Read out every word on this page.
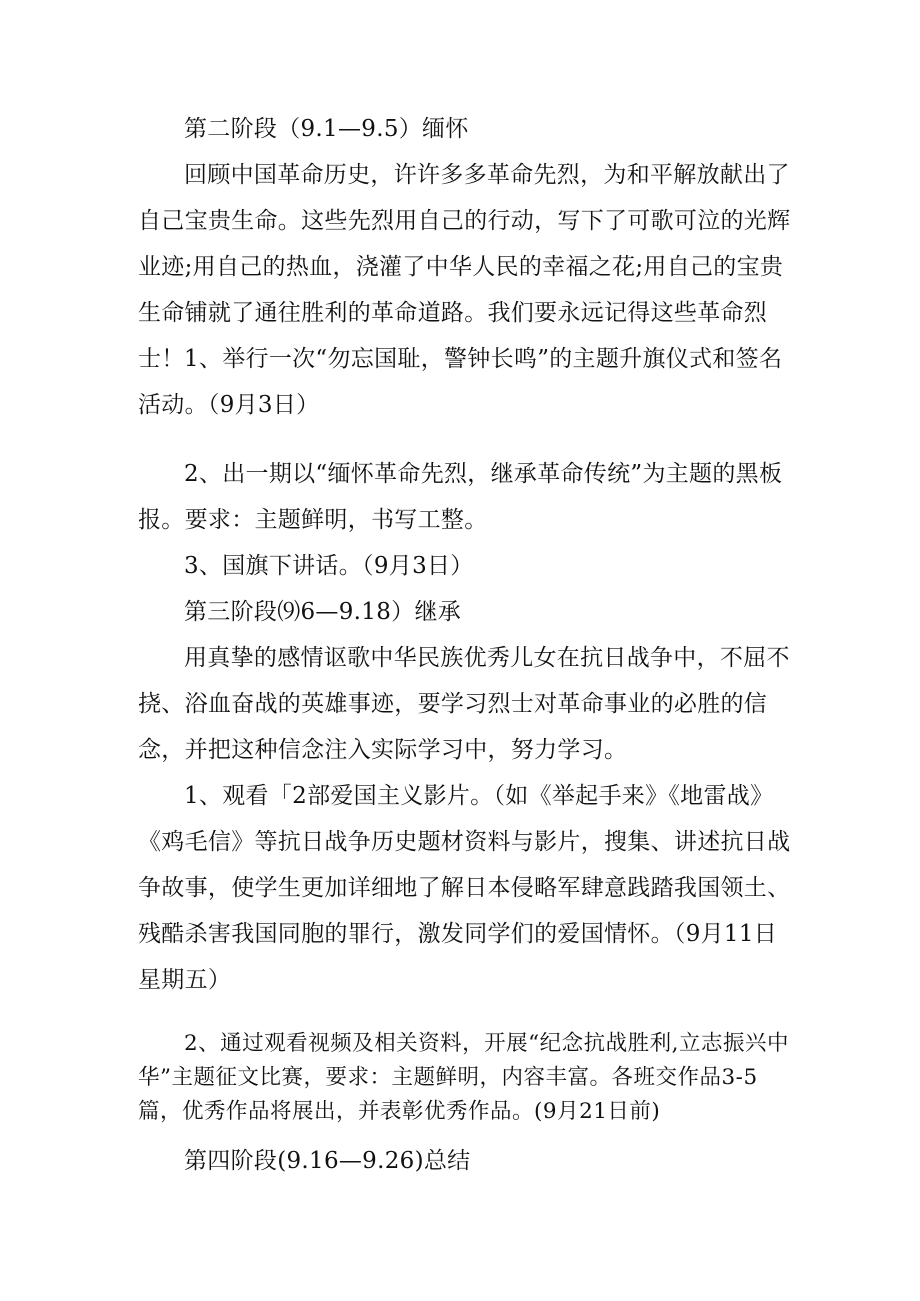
第二阶段（9.1—9.5）缅怀

回顾中国革命历史，许许多多革命先烈，为和平解放献出了自己宝贵生命。这些先烈用自己的行动，写下了可歌可泣的光辉业迹;用自己的热血，浇灌了中华人民的幸福之花;用自己的宝贵生命铺就了通往胜利的革命道路。我们要永远记得这些革命烈士！ 1、举行一次“勿忘国耻，警钟长鸣”的主题升旗仪式和签名活动。（9月3日）

2、出一期以“缅怀革命先烈，继承革命传统”为主题的黑板报。要求：主题鲜明，书写工整。

3、国旗下讲话。（9月3日）

第三阶段⑼6—9.18）继承

用真挚的感情讴歌中华民族优秀儿女在抗日战争中，不屈不挠、浴血奋战的英雄事迹，要学习烈士对革命事业的必胜的信念，并把这种信念注入实际学习中，努力学习。

1、观看「2部爱国主义影片。（如《举起手来》《地雷战》《鸡毛信》等抗日战争历史题材资料与影片，搜集、讲述抗日战争故事，使学生更加详细地了解日本侵略军肆意践踏我国领土、残酷杀害我国同胞的罪行，激发同学们的爱国情怀。（9月11日星期五）

2、通过观看视频及相关资料，开展“纪念抗战胜利,立志振兴中华”主题征文比赛，要求：主题鲜明，内容丰富。各班交作品3-5篇，优秀作品将展出，并表彰优秀作品。(9月21日前)

第四阶段(9.16—9.26)总结
